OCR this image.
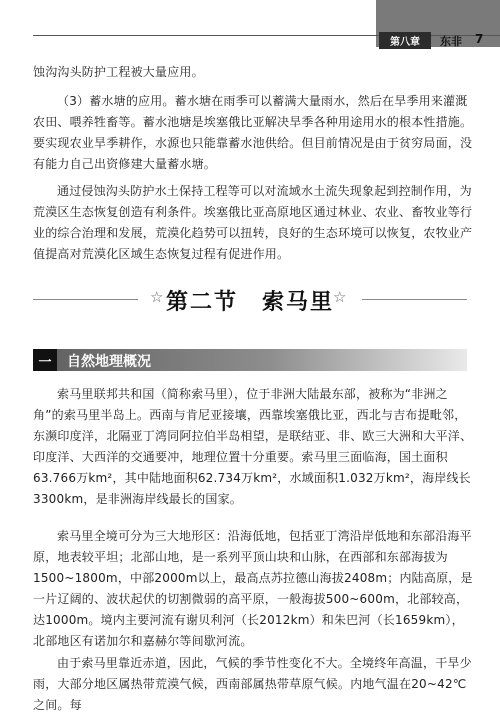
第八章	东非 7
蚀沟沟头防护工程被大量应用。
（3）蓄水塘的应用。蓄水塘在雨季可以蓄满大量雨水，然后在旱季用来灌溉农田、喂养牲畜等。蓄水池塘是埃塞俄比亚解决旱季各种用途用水的根本性措施。要实现农业旱季耕作，水源也只能靠蓄水池供给。但目前情况是由于贫穷局面，没有能力自己出资修建大量蓄水塘。
通过侵蚀沟头防护水土保持工程等可以对流域水土流失现象起到控制作用，为荒漠区生态恢复创造有利条件。埃塞俄比亚高原地区通过林业、农业、畜牧业等行业的综合治理和发展，荒漠化趋势可以扭转，良好的生态环境可以恢复，农牧业产值提高对荒漠化区域生态恢复过程有促进作用。
☆ 第二节　索马里 ☆
一	自然地理概况
索马里联邦共和国（简称索马里），位于非洲大陆最东部，被称为“非洲之角”的索马里半岛上。西南与肯尼亚接壤，西靠埃塞俄比亚，西北与吉布提毗邻，东濒印度洋，北隔亚丁湾同阿拉伯半岛相望，是联结亚、非、欧三大洲和大平洋、印度洋、大西洋的交通要冲，地理位置十分重要。索马里三面临海，国土面积63.766万km²，其中陆地面积62.734万km²，水域面积1.032万km²，海岸线长3300km，是非洲海岸线最长的国家。
索马里全境可分为三大地形区：沿海低地，包括亚丁湾沿岸低地和东部沿海平原，地表较平坦；北部山地，是一系列平顶山块和山脉，在西部和东部海拔为1500~1800m，中部2000m以上，最高点苏拉德山海拔2408m；内陆高原，是一片辽阔的、波状起伏的切割微弱的高平原，一般海拔500~600m，北部较高，达1000m。境内主要河流有谢贝利河（长2012km）和朱巴河（长1659km），北部地区有诺加尔和嘉赫尔等间歇河流。
由于索马里靠近赤道，因此，气候的季节性变化不大。全境终年高温，干旱少雨，大部分地区属热带荒漠气候，西南部属热带草原气候。内地气温在20~42℃之间。每
